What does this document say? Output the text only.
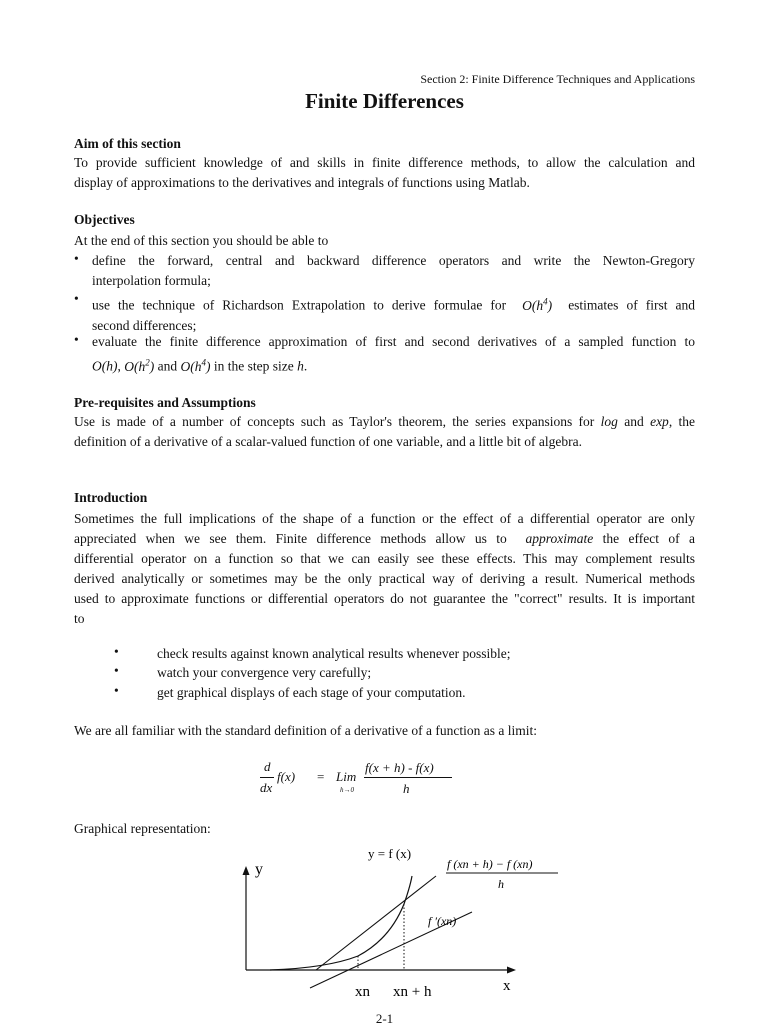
Section 2: Finite Difference Techniques and Applications
Finite Differences
Aim of this section
To provide sufficient knowledge of and skills in finite difference methods, to allow the calculation and
display of approximations to the derivatives and integrals of functions using Matlab.
Objectives
At the end of this section you should be able to
• define the forward, central and backward difference operators and write the Newton-Gregory
interpolation formula;
• use the technique of Richardson Extrapolation to derive formulae for $O(h^4)$ estimates of first and
second differences;
• evaluate the finite difference approximation of first and second derivatives of a sampled function to
O(h), $O(h^2)$ and $O(h^4)$ in the step size h.
Pre-requisites and Assumptions
Use is made of a number of concepts such as Taylor's theorem, the series expansions for log and exp, the
definition of a derivative of a scalar-valued function of one variable, and a little bit of algebra.
Introduction
Sometimes the full implications of the shape of a function or the effect of a differential operator are only
appreciated when we see them. Finite difference methods allow us to approximate the effect of a
differential operator on a function so that we can easily see these effects. This may complement results
derived analytically or sometimes may be the only practical way of deriving a result. Numerical methods
used to approximate functions or differential operators do not guarantee the "correct" results. It is important
to
•	check results against known analytical results whenever possible;
•	watch your convergence very carefully;
•	get graphical displays of each stage of your computation.
We are all familiar with the standard definition of a derivative of a function as a limit:
d
dx
f(x) = Lim
h→0
f(x + h) - f(x)
h
Graphical representation:
2-1
y
x
y = f (x)
f (xn + h) − f (xn)
h
f ′(xn)
xn xn + h
